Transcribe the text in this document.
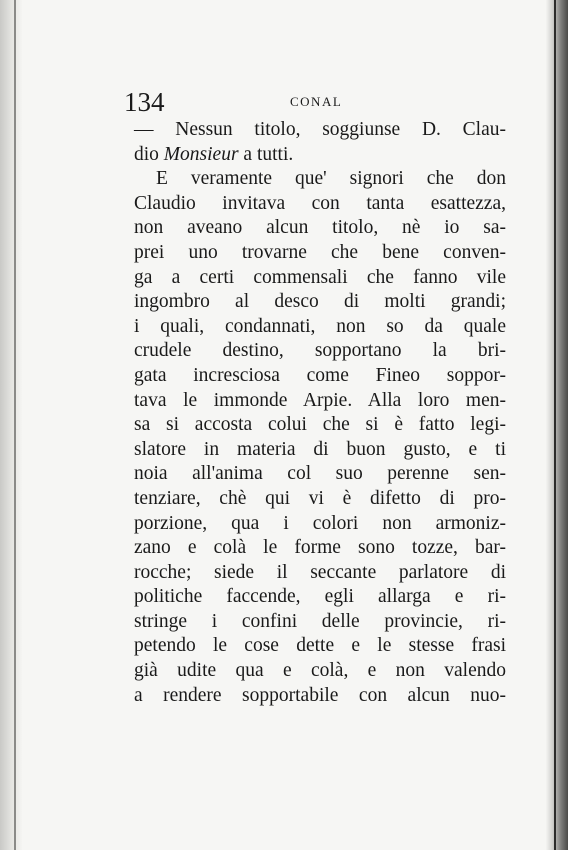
134	CONAL
— Nessun titolo, soggiunse D. Clau-
dio Monsieur a tutti.
E veramente que' signori che don
Claudio invitava con tanta esattezza,
non aveano alcun titolo, nè io sa-
prei uno trovarne che bene conven-
ga a certi commensali che fanno vile
ingombro al desco di molti grandi;
i quali, condannati, non so da quale
crudele destino, sopportano la bri-
gata incresciosa come Fineo soppor-
tava le immonde Arpie. Alla loro men-
sa si accosta colui che si è fatto legi-
slatore in materia di buon gusto, e ti
noia all'anima col suo perenne sen-
tenziare, chè qui vi è difetto di pro-
porzione, qua i colori non armoniz-
zano e colà le forme sono tozze, bar-
rocche; siede il seccante parlatore di
politiche faccende, egli allarga e ri-
stringe i confini delle provincie, ri-
petendo le cose dette e le stesse frasi
già udite qua e colà, e non valendo
a rendere sopportabile con alcun nuo-
